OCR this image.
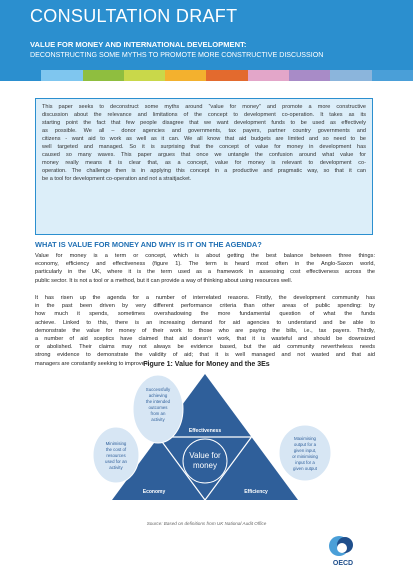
CONSULTATION DRAFT
VALUE FOR MONEY AND INTERNATIONAL DEVELOPMENT:
DECONSTRUCTING SOME MYTHS TO PROMOTE MORE CONSTRUCTIVE DISCUSSION
This paper seeks to deconstruct some myths around “value for money” and promote a more constructive
discussion about the relevance and limitations of the concept to development co-operation. It takes as its
starting point the fact that few people disagree that we want development funds to be used as effectively
as possible. We all – donor agencies and governments, tax payers, partner country governments and
citizens - want aid to work as well as it can. We all know that aid budgets are limited and so need to be
well targeted and managed. So it is surprising that the concept of value for money in development has
caused so many waves. This paper argues that once we untangle the confusion around what value for
money really means it is clear that, as a concept, value for money is relevant to development co-
operation. The challenge then is in applying this concept in a productive and pragmatic way, so that it can
be a tool for development co-operation and not a straitjacket.
WHAT IS VALUE FOR MONEY AND WHY IS IT ON THE AGENDA?
Value for money is a term or concept, which is about getting the best balance between three things:
economy, efficiency and effectiveness (figure 1). The term is heard most often in the Anglo-Saxon world,
particularly in the UK, where it is the term used as a framework in assessing cost effectiveness across the
public sector. It is not a tool or a method, but it can provide a way of thinking about using resources well.
It has risen up the agenda for a number of interrelated reasons. Firstly, the development community has
in the past been driven by very different performance criteria than other areas of public spending: by
how much it spends, sometimes overshadowing the more fundamental question of what the funds
achieve. Linked to this, there is an increasing demand for aid agencies to understand and be able to
demonstrate the value for money of their work to those who are paying the bills, i.e., tax payers. Thirdly,
a number of aid sceptics have claimed that aid doesn’t work, that it is wasteful and should be downsized
or abolished. Their claims may not always be evidence based, but the aid community nevertheless needs
strong evidence to demonstrate the validity of aid; that it is well managed and not wasted and that aid
managers are constantly seeking to improve it.
Figure 1: Value for Money and the 3Es
Value for
money
Effectiveness
Economy	Efficiency
Successfully
achieving
the intended
outcomes
from an
activity
Minimising
the cost of
resources
used for an
activity
Maximising
output for a
given input,
or minimising
input for a
given output
Source: Based on definitions from UK National Audit Office
OECD
